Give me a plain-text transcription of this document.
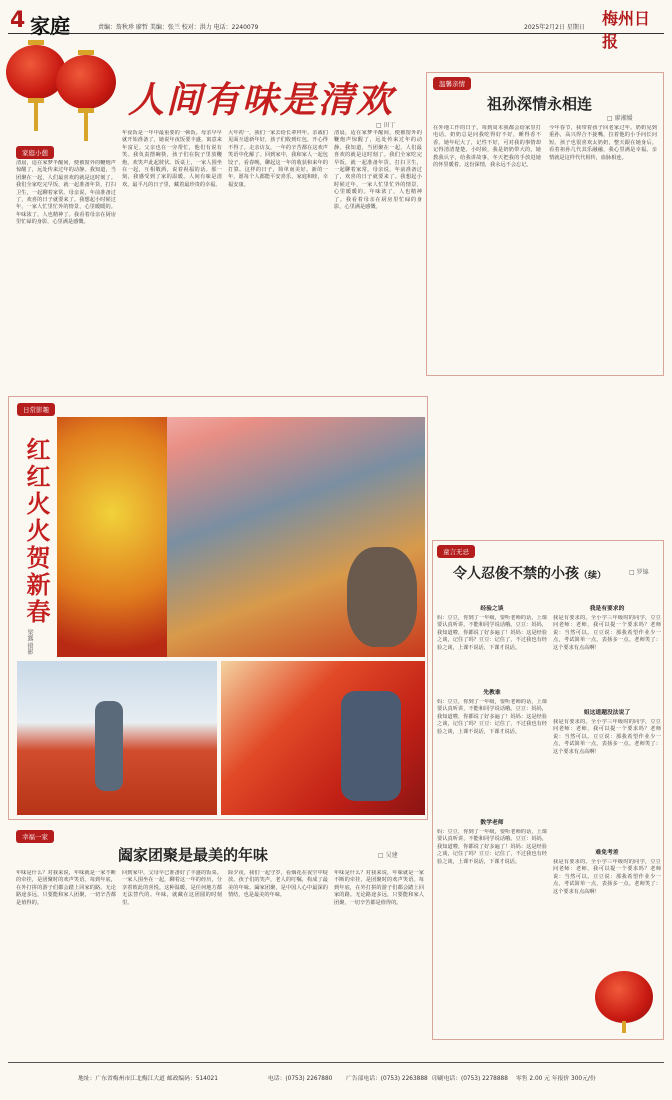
4 家庭	责编：詹秋珍 廖哲 美编：张兰 校对：洪力 电话：2240079	2025年2月2日 星期日 梅州日报
人间有味是清欢
□ 田丁
家庭小憩
清晨，适在家梦半醒间，便被窗外的鞭炮声惊醒了，远处传来过年的动静。我知道，当团聚在一起，人们最喜欢的就是这时刻了。我们全家吃完早饭，就一起准备年货，打扫卫生，一起聊着家常。母亲说，年前准备过了，欢喜的日子就要来了。我想起小时候过年，一家人忙里忙外的情景，心里暖暖的。年味浓了，人也精神了。我看着母亲在厨房里忙碌的身影，心里满是感慨。
年夜饭是一年中最重要的一顿饭。母亲早早就开始准备了，她说年夜饭要丰盛，寓意来年富足。父亲也在一旁帮忙，他们有说有笑。我负责摆碗筷，孩子们在院子里放鞭炮，欢笑声此起彼伏。饭桌上，一家人围坐在一起，互相敬酒，说着祝福的话。那一刻，我感受到了家的温暖。人间有味是清欢，最平凡的日子里，藏着最珍贵的幸福。
大年初一，我们一家去给长辈拜年。亲戚们见面互道新年好，孩子们收到红包，开心得不得了。走亲访友，一年的辛苦都在这欢声笑语中化解了。回到家中，我和家人一起包饺子，看春晚，聊起这一年的收获和来年的打算。这样的日子，简单而美好。新的一年，愿每个人都能平安喜乐，家庭和睦，幸福安康。
清晨，适在家梦半醒间，便被窗外的鞭炮声惊醒了，远处传来过年的动静。我知道，当团聚在一起，人们最喜欢的就是这时刻了。我们全家吃完早饭，就一起准备年货，打扫卫生，一起聊着家常。母亲说，年前准备过了，欢喜的日子就要来了。我想起小时候过年，一家人忙里忙外的情景，心里暖暖的。年味浓了，人也精神了。我看着母亲在厨房里忙碌的身影，心里满是感慨。
温馨亲情
祖孙深情永相连
□ 廖湘媛
在外地工作的日子，每到周末我都会给家里打电话。奶奶总是问我吃得好不好，睡得香不香。她年纪大了，记性不好，可对我的事情却记得清清楚楚。小时候，我是奶奶带大的，她教我认字，给我讲故事，冬天把我的手放进她的怀里暖着。这份深情，我永远不会忘记。
今年春节，我带着孩子回老家过年。奶奶见到重孙，高兴得合不拢嘴，拉着他的小手问长问短。孩子也很喜欢太奶奶，整天跟在她身后。看着祖孙几代其乐融融，我心里满是幸福。亲情就是这样代代相传，血脉相连。
日常影趣
红红火火贺新春
梁露 摄影
童言无忌
令人忍俊不禁的小孩（续）	□ 罗锦
经验之谈
妈：豆豆，你到了一年级，要听老师的话，上课要认真听讲，不能和同学说话哦。豆豆：妈妈，我知道啦，你都说了好多遍了！妈妈：这是经验之谈，记住了吗？豆豆：记住了，不过我也有经验之谈，上课不说话，下课才说话。
先教谁
妈：豆豆，你到了一年级，要听老师的话，上课要认真听讲，不能和同学说话哦。豆豆：妈妈，我知道啦，你都说了好多遍了！妈妈：这是经验之谈，记住了吗？豆豆：记住了，不过我也有经验之谈，上课不说话，下课才说话。
数学老师
妈：豆豆，你到了一年级，要听老师的话，上课要认真听讲，不能和同学说话哦。豆豆：妈妈，我知道啦，你都说了好多遍了！妈妈：这是经验之谈，记住了吗？豆豆：记住了，不过我也有经验之谈，上课不说话，下课才说话。
我是有要求的
我是有要求的。全小学三年级时的同学，豆豆问老师：老师，我可以提一个要求吗？老师说：当然可以。豆豆说：那我希望作业少一点，考试简单一点，表扬多一点。老师笑了：这个要求有点高啊！
姐这道题没法说了
我是有要求的。全小学三年级时的同学，豆豆问老师：老师，我可以提一个要求吗？老师说：当然可以。豆豆说：那我希望作业少一点，考试简单一点，表扬多一点。老师笑了：这个要求有点高啊！
难免考差
我是有要求的。全小学三年级时的同学，豆豆问老师：老师，我可以提一个要求吗？老师说：当然可以。豆豆说：那我希望作业少一点，考试简单一点，表扬多一点。老师笑了：这个要求有点高啊！
幸福一家
阖家团聚是最美的年味	□ 吴建
年味是什么？对我来说，年味就是一家不断的牵挂，是团聚时的欢声笑语。每到年底，在外打拼的游子们都会踏上回家的路。无论路途多远，只要能和家人团聚，一切辛苦都是值得的。
回到家中，父母早已准备好了丰盛的饭菜。一家人围坐在一起，聊着这一年的经历，分享着彼此的喜悦。这种温暖，是任何地方都无法替代的。年味，就藏在这团圆的时刻里。
除夕夜，我们一起守岁，看烟花在夜空中绽放。孩子们的笑声，老人的叮嘱，构成了最美的年味。阖家团聚，是中国人心中最深的情结，也是最美的年味。
年味是什么？对我来说，年味就是一家不断的牵挂，是团聚时的欢声笑语。每到年底，在外打拼的游子们都会踏上回家的路。无论路途多远，只要能和家人团聚，一切辛苦都是值得的。
地址：广东省梅州市江北梅江大道 邮政编码：514021	电话：(0753) 2267880 广告部电话：(0753) 2263888 印刷电话：(0753) 2278888 零售 2.00 元 年报价 300元/份
